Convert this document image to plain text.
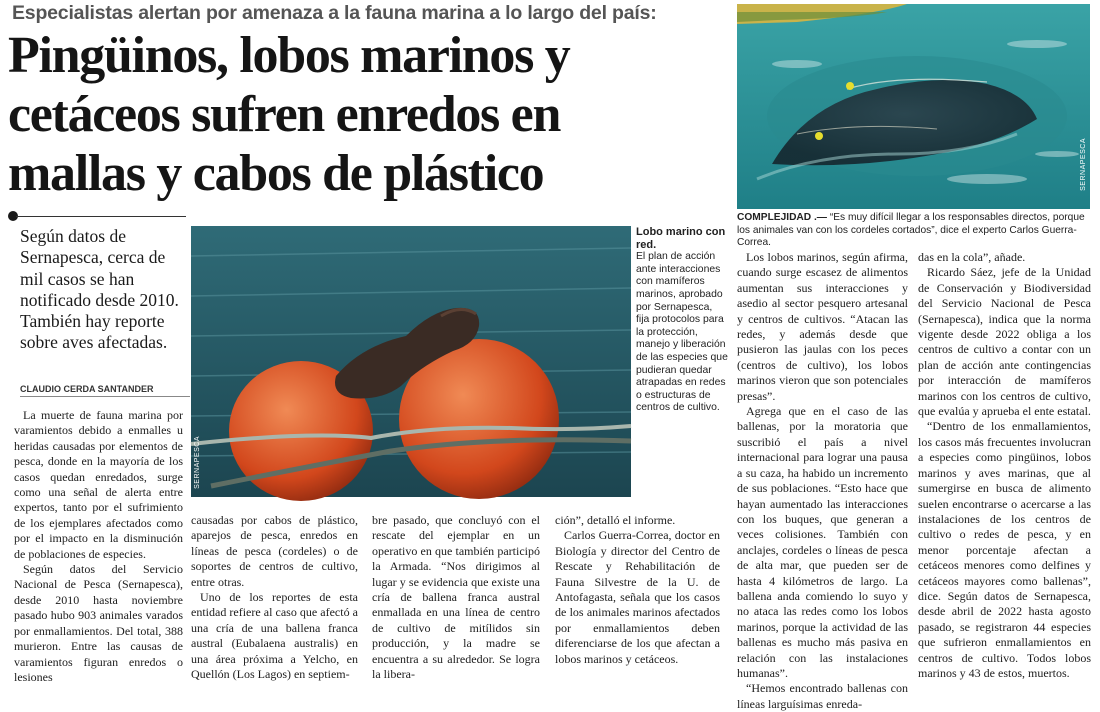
Especialistas alertan por amenaza a la fauna marina a lo largo del país:
Pingüinos, lobos marinos y
cetáceos sufren enredos en
mallas y cabos de plástico
Según datos de Sernapesca, cerca de mil casos se han notificado desde 2010. También hay reporte sobre aves afectadas.
CLAUDIO CERDA SANTANDER
SERNAPESCA
COMPLEJIDAD .— “Es muy difícil llegar a los responsables directos, porque los animales van con los cordeles cortados”, dice el experto Carlos Guerra-Correa.
SERNAPESCA
Lobo marino con red.
El plan de acción ante interacciones con mamíferos marinos, aprobado por Sernapesca, fija protocolos para la protección, manejo y liberación de las especies que pudieran quedar atrapadas en redes o estructuras de centros de cultivo.

La muerte de fauna marina por varamientos debido a enmalles u heridas causadas por elementos de pesca, donde en la mayoría de los casos quedan enredados, surge como una señal de alerta entre expertos, tanto por el sufrimiento de los ejemplares afectados como por el impacto en la disminución de poblaciones de especies.

Según datos del Servicio Nacional de Pesca (Sernapesca), desde 2010 hasta noviembre pasado hubo 903 animales varados por enmallamientos. Del total, 388 murieron. Entre las causas de varamientos figuran enredos o lesiones

causadas por cabos de plástico, aparejos de pesca, enredos en líneas de pesca (cordeles) o de soportes de centros de cultivo, entre otras.

Uno de los reportes de esta entidad refiere al caso que afectó a una cría de una ballena franca austral (Eubalaena australis) en una área próxima a Yelcho, en Quellón (Los Lagos) en septiem-

bre pasado, que concluyó con el rescate del ejemplar en un operativo en que también participó la Armada. “Nos dirigimos al lugar y se evidencia que existe una cría de ballena franca austral enmallada en una línea de centro de cultivo de mitílidos sin producción, y la madre se encuentra a su alrededor. Se logra la libera-

ción”, detalló el informe.

Carlos Guerra-Correa, doctor en Biología y director del Centro de Rescate y Rehabilitación de Fauna Silvestre de la U. de Antofagasta, señala que los casos de los animales marinos afectados por enmallamientos deben diferenciarse de los que afectan a lobos marinos y cetáceos.

Los lobos marinos, según afirma, cuando surge escasez de alimentos aumentan sus interacciones y asedio al sector pesquero artesanal y centros de cultivos. “Atacan las redes, y además desde que pusieron las jaulas con los peces (centros de cultivo), los lobos marinos vieron que son potenciales presas”.

Agrega que en el caso de las ballenas, por la moratoria que suscribió el país a nivel internacional para lograr una pausa a su caza, ha habido un incremento de sus poblaciones. “Esto hace que hayan aumentado las interacciones con los buques, que generan a veces colisiones. También con anclajes, cordeles o líneas de pesca de alta mar, que pueden ser de hasta 4 kilómetros de largo. La ballena anda comiendo lo suyo y no ataca las redes como los lobos marinos, porque la actividad de las ballenas es mucho más pasiva en relación con las instalaciones humanas”.

“Hemos encontrado ballenas con líneas larguísimas enreda-

das en la cola”, añade.

Ricardo Sáez, jefe de la Unidad de Conservación y Biodiversidad del Servicio Nacional de Pesca (Sernapesca), indica que la norma vigente desde 2022 obliga a los centros de cultivo a contar con un plan de acción ante contingencias por interacción de mamíferos marinos con los centros de cultivo, que evalúa y aprueba el ente estatal.

“Dentro de los enmallamientos, los casos más frecuentes involucran a especies como pingüinos, lobos marinos y aves marinas, que al sumergirse en busca de alimento suelen encontrarse o acercarse a las instalaciones de los centros de cultivo o redes de pesca, y en menor porcentaje afectan a cetáceos menores como delfines y cetáceos mayores como ballenas”, dice. Según datos de Sernapesca, desde abril de 2022 hasta agosto pasado, se registraron 44 especies que sufrieron enmallamientos en centros de cultivo. Todos lobos marinos y 43 de estos, muertos.
